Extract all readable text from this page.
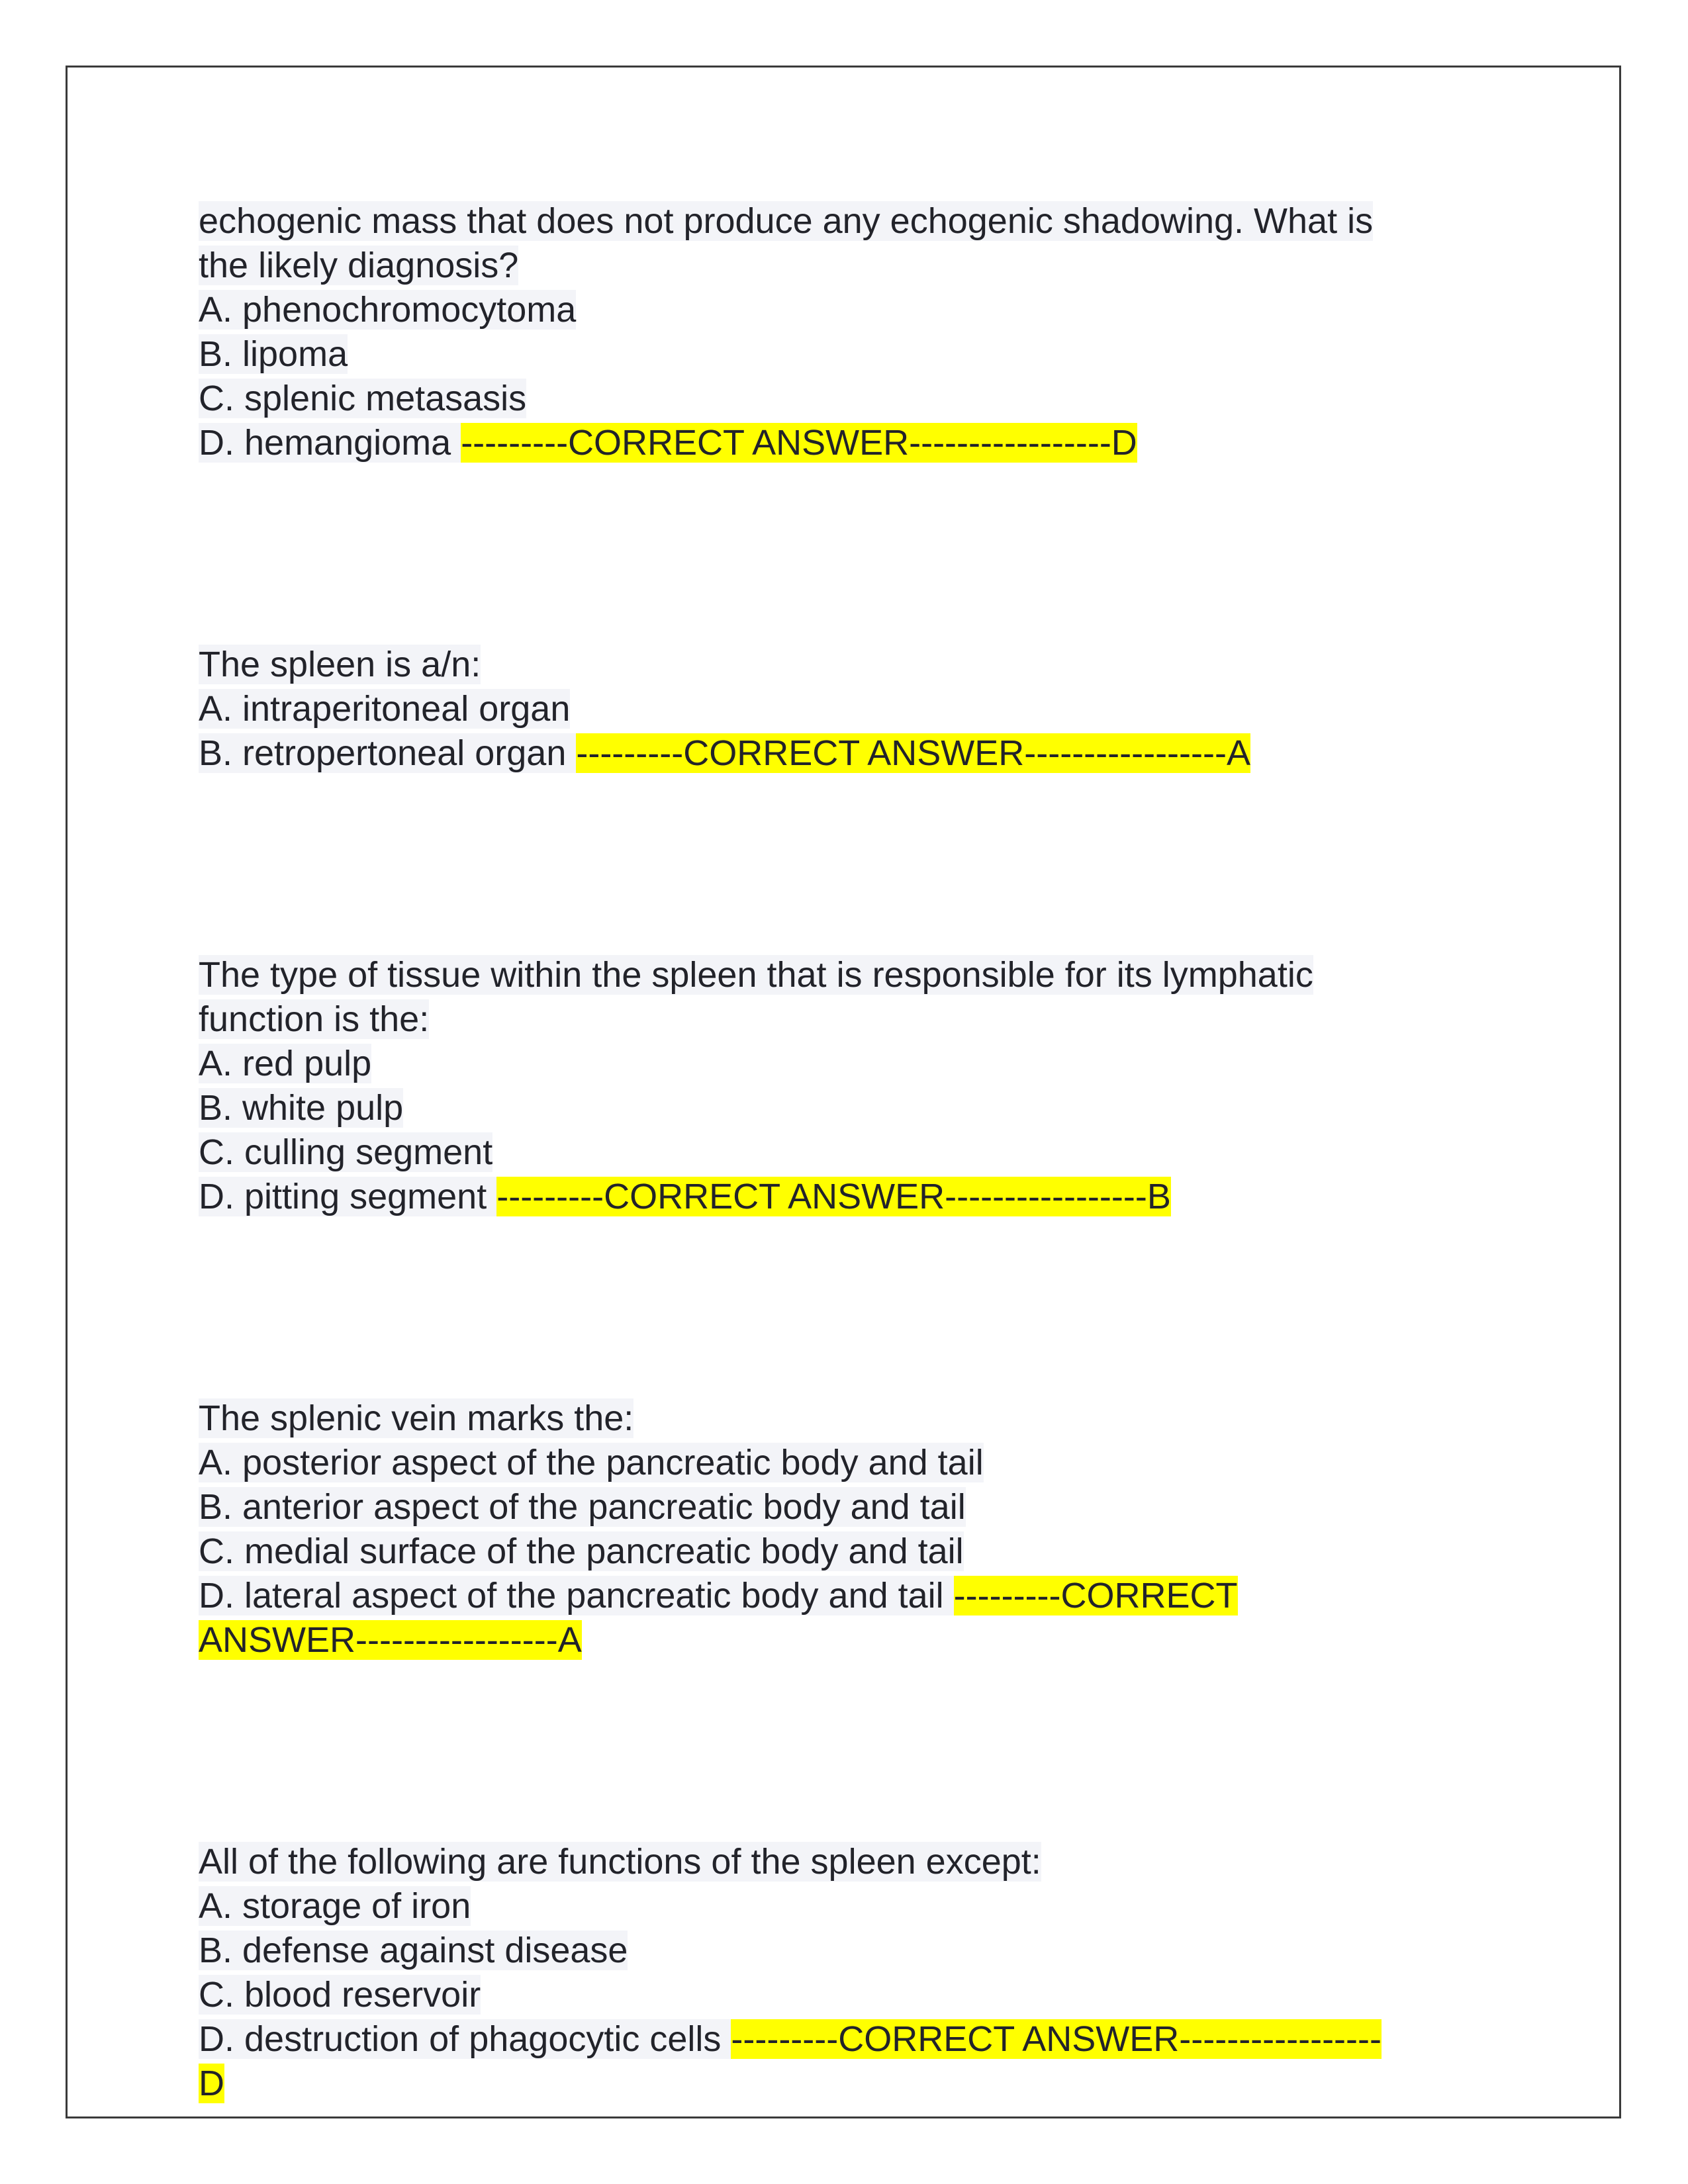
echogenic mass that does not produce any echogenic shadowing. What is
the likely diagnosis?
A. phenochromocytoma
B. lipoma
C. splenic metasasis
D. hemangioma ---------CORRECT ANSWER-----------------D
The spleen is a/n:
A. intraperitoneal organ
B. retropertoneal organ ---------CORRECT ANSWER-----------------A
The type of tissue within the spleen that is responsible for its lymphatic
function is the:
A. red pulp
B. white pulp
C. culling segment
D. pitting segment ---------CORRECT ANSWER-----------------B
The splenic vein marks the:
A. posterior aspect of the pancreatic body and tail
B. anterior aspect of the pancreatic body and tail
C. medial surface of the pancreatic body and tail
D. lateral aspect of the pancreatic body and tail ---------CORRECT
ANSWER-----------------A
All of the following are functions of the spleen except:
A. storage of iron
B. defense against disease
C. blood reservoir
D. destruction of phagocytic cells ---------CORRECT ANSWER-----------------
D
